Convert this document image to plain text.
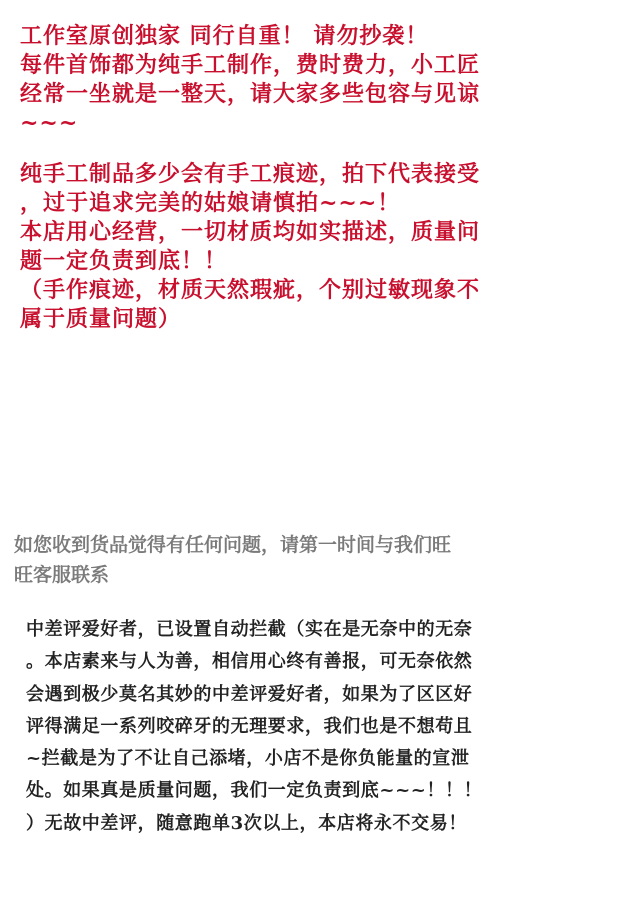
工作室原创独家 同行自重！ 请勿抄袭！

每件首饰都为纯手工制作，费时费力，小工匠

经常一坐就是一整天，请大家多些包容与见谅

~~~

纯手工制品多少会有手工痕迹，拍下代表接受

，过于追求完美的姑娘请慎拍~~~！

本店用心经营，一切材质均如实描述，质量问

题一定负责到底！！

（手作痕迹，材质天然瑕疵，个别过敏现象不

属于质量问题）

如您收到货品觉得有任何问题，请第一时间与我们旺

旺客服联系

中差评爱好者，已设置自动拦截（实在是无奈中的无奈

。本店素来与人为善，相信用心终有善报，可无奈依然

会遇到极少莫名其妙的中差评爱好者，如果为了区区好

评得满足一系列咬碎牙的无理要求，我们也是不想苟且

~拦截是为了不让自己添堵，小店不是你负能量的宣泄

处。如果真是质量问题，我们一定负责到底~~~！！！

）无故中差评，随意跑单3次以上，本店将永不交易！
